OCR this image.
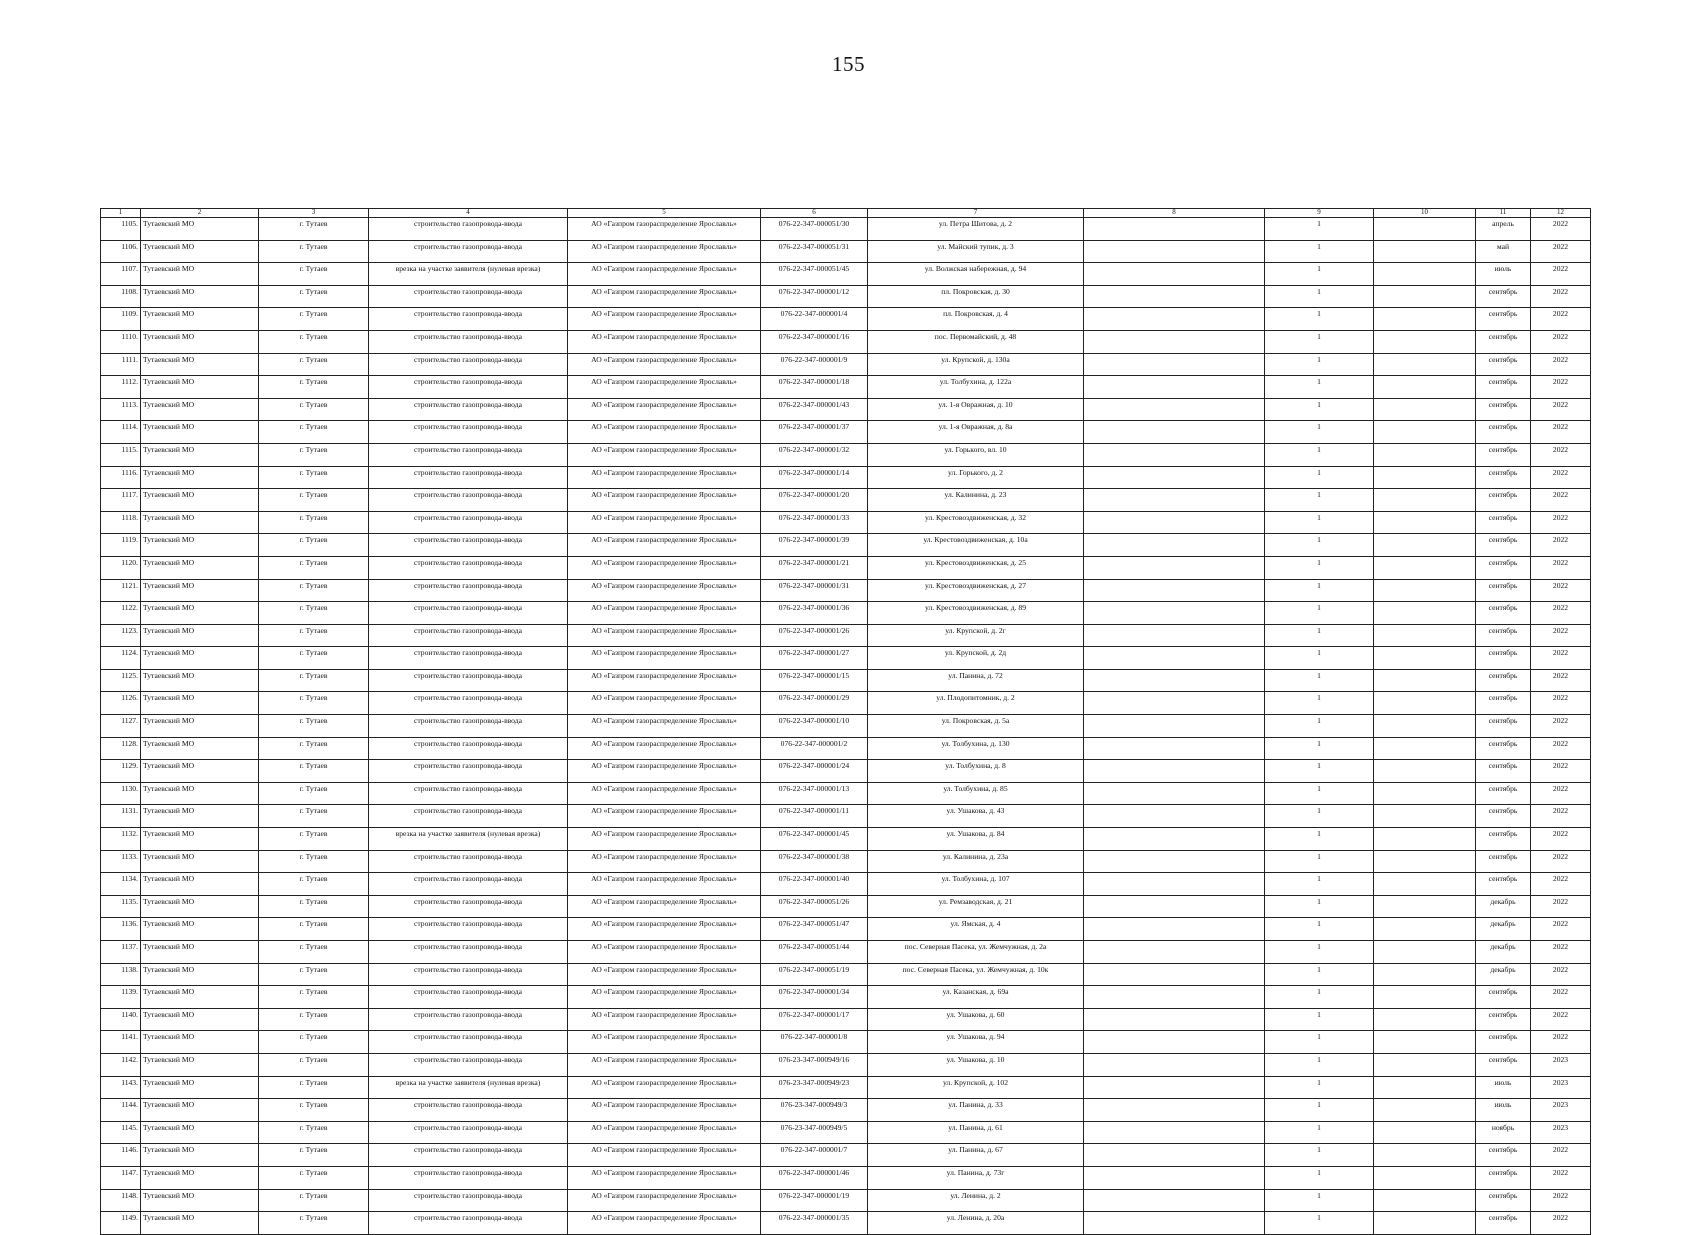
155
1	2	3	4	5	6	7	8	9	10	11	12
1105.	Тутаевский МО	г. Тутаев	строительство газопровода-ввода	АО «Газпром газораспределение Ярославль»	076-22-347-000051/30	ул. Петра Шитова, д. 2		1		апрель	2022
1106.	Тутаевский МО	г. Тутаев	строительство газопровода-ввода	АО «Газпром газораспределение Ярославль»	076-22-347-000051/31	ул. Майский тупик, д. 3		1		май	2022
1107.	Тутаевский МО	г. Тутаев	врезка на участке заявителя (нулевая врезка)	АО «Газпром газораспределение Ярославль»	076-22-347-000051/45	ул. Волжская набережная, д. 94		1		июль	2022
1108.	Тутаевский МО	г. Тутаев	строительство газопровода-ввода	АО «Газпром газораспределение Ярославль»	076-22-347-000001/12	пл. Покровская, д. 30		1		сентябрь	2022
1109.	Тутаевский МО	г. Тутаев	строительство газопровода-ввода	АО «Газпром газораспределение Ярославль»	076-22-347-000001/4	пл. Покровская, д. 4		1		сентябрь	2022
1110.	Тутаевский МО	г. Тутаев	строительство газопровода-ввода	АО «Газпром газораспределение Ярославль»	076-22-347-000001/16	пос. Первомайский, д. 48		1		сентябрь	2022
1111.	Тутаевский МО	г. Тутаев	строительство газопровода-ввода	АО «Газпром газораспределение Ярославль»	076-22-347-000001/9	ул. Крупской, д. 130а		1		сентябрь	2022
1112.	Тутаевский МО	г. Тутаев	строительство газопровода-ввода	АО «Газпром газораспределение Ярославль»	076-22-347-000001/18	ул. Толбухина, д. 122а		1		сентябрь	2022
1113.	Тутаевский МО	г. Тутаев	строительство газопровода-ввода	АО «Газпром газораспределение Ярославль»	076-22-347-000001/43	ул. 1-я Овражная, д. 10		1		сентябрь	2022
1114.	Тутаевский МО	г. Тутаев	строительство газопровода-ввода	АО «Газпром газораспределение Ярославль»	076-22-347-000001/37	ул. 1-я Овражная, д. 8а		1		сентябрь	2022
1115.	Тутаевский МО	г. Тутаев	строительство газопровода-ввода	АО «Газпром газораспределение Ярославль»	076-22-347-000001/32	ул. Горького, вл. 10		1		сентябрь	2022
1116.	Тутаевский МО	г. Тутаев	строительство газопровода-ввода	АО «Газпром газораспределение Ярославль»	076-22-347-000001/14	ул. Горького, д. 2		1		сентябрь	2022
1117.	Тутаевский МО	г. Тутаев	строительство газопровода-ввода	АО «Газпром газораспределение Ярославль»	076-22-347-000001/20	ул. Калинина, д. 23		1		сентябрь	2022
1118.	Тутаевский МО	г. Тутаев	строительство газопровода-ввода	АО «Газпром газораспределение Ярославль»	076-22-347-000001/33	ул. Крестовоздвиженская, д. 32		1		сентябрь	2022
1119.	Тутаевский МО	г. Тутаев	строительство газопровода-ввода	АО «Газпром газораспределение Ярославль»	076-22-347-000001/39	ул. Крестовоздвиженская, д. 10а		1		сентябрь	2022
1120.	Тутаевский МО	г. Тутаев	строительство газопровода-ввода	АО «Газпром газораспределение Ярославль»	076-22-347-000001/21	ул. Крестовоздвиженская, д. 25		1		сентябрь	2022
1121.	Тутаевский МО	г. Тутаев	строительство газопровода-ввода	АО «Газпром газораспределение Ярославль»	076-22-347-000001/31	ул. Крестовоздвиженская, д. 27		1		сентябрь	2022
1122.	Тутаевский МО	г. Тутаев	строительство газопровода-ввода	АО «Газпром газораспределение Ярославль»	076-22-347-000001/36	ул. Крестовоздвиженская, д. 89		1		сентябрь	2022
1123.	Тутаевский МО	г. Тутаев	строительство газопровода-ввода	АО «Газпром газораспределение Ярославль»	076-22-347-000001/26	ул. Крупской, д. 2г		1		сентябрь	2022
1124.	Тутаевский МО	г. Тутаев	строительство газопровода-ввода	АО «Газпром газораспределение Ярославль»	076-22-347-000001/27	ул. Крупской, д. 2д		1		сентябрь	2022
1125.	Тутаевский МО	г. Тутаев	строительство газопровода-ввода	АО «Газпром газораспределение Ярославль»	076-22-347-000001/15	ул. Панина, д. 72		1		сентябрь	2022
1126.	Тутаевский МО	г. Тутаев	строительство газопровода-ввода	АО «Газпром газораспределение Ярославль»	076-22-347-000001/29	ул. Плодопитомник, д. 2		1		сентябрь	2022
1127.	Тутаевский МО	г. Тутаев	строительство газопровода-ввода	АО «Газпром газораспределение Ярославль»	076-22-347-000001/10	ул. Покровская, д. 5а		1		сентябрь	2022
1128.	Тутаевский МО	г. Тутаев	строительство газопровода-ввода	АО «Газпром газораспределение Ярославль»	076-22-347-000001/2	ул. Толбухина, д. 130		1		сентябрь	2022
1129.	Тутаевский МО	г. Тутаев	строительство газопровода-ввода	АО «Газпром газораспределение Ярославль»	076-22-347-000001/24	ул. Толбухина, д. 8		1		сентябрь	2022
1130.	Тутаевский МО	г. Тутаев	строительство газопровода-ввода	АО «Газпром газораспределение Ярославль»	076-22-347-000001/13	ул. Толбухина, д. 85		1		сентябрь	2022
1131.	Тутаевский МО	г. Тутаев	строительство газопровода-ввода	АО «Газпром газораспределение Ярославль»	076-22-347-000001/11	ул. Ушакова, д. 43		1		сентябрь	2022
1132.	Тутаевский МО	г. Тутаев	врезка на участке заявителя (нулевая врезка)	АО «Газпром газораспределение Ярославль»	076-22-347-000001/45	ул. Ушакова, д. 84		1		сентябрь	2022
1133.	Тутаевский МО	г. Тутаев	строительство газопровода-ввода	АО «Газпром газораспределение Ярославль»	076-22-347-000001/38	ул. Калинина, д. 23а		1		сентябрь	2022
1134.	Тутаевский МО	г. Тутаев	строительство газопровода-ввода	АО «Газпром газораспределение Ярославль»	076-22-347-000001/40	ул. Толбухина, д. 107		1		сентябрь	2022
1135.	Тутаевский МО	г. Тутаев	строительство газопровода-ввода	АО «Газпром газораспределение Ярославль»	076-22-347-000051/26	ул. Ремзаводская, д. 21		1		декабрь	2022
1136.	Тутаевский МО	г. Тутаев	строительство газопровода-ввода	АО «Газпром газораспределение Ярославль»	076-22-347-000051/47	ул. Ямская, д. 4		1		декабрь	2022
1137.	Тутаевский МО	г. Тутаев	строительство газопровода-ввода	АО «Газпром газораспределение Ярославль»	076-22-347-000051/44	пос. Северная Пасека, ул. Жемчужная, д. 2а		1		декабрь	2022
1138.	Тутаевский МО	г. Тутаев	строительство газопровода-ввода	АО «Газпром газораспределение Ярославль»	076-22-347-000051/19	пос. Северная Пасека, ул. Жемчужная, д. 10к		1		декабрь	2022
1139.	Тутаевский МО	г. Тутаев	строительство газопровода-ввода	АО «Газпром газораспределение Ярославль»	076-22-347-000001/34	ул. Казанская, д. 69а		1		сентябрь	2022
1140.	Тутаевский МО	г. Тутаев	строительство газопровода-ввода	АО «Газпром газораспределение Ярославль»	076-22-347-000001/17	ул. Ушакова, д. 60		1		сентябрь	2022
1141.	Тутаевский МО	г. Тутаев	строительство газопровода-ввода	АО «Газпром газораспределение Ярославль»	076-22-347-000001/8	ул. Ушакова, д. 94		1		сентябрь	2022
1142.	Тутаевский МО	г. Тутаев	строительство газопровода-ввода	АО «Газпром газораспределение Ярославль»	076-23-347-000949/16	ул. Ушакова, д. 10		1		сентябрь	2023
1143.	Тутаевский МО	г. Тутаев	врезка на участке заявителя (нулевая врезка)	АО «Газпром газораспределение Ярославль»	076-23-347-000949/23	ул. Крупской, д. 102		1		июль	2023
1144.	Тутаевский МО	г. Тутаев	строительство газопровода-ввода	АО «Газпром газораспределение Ярославль»	076-23-347-000949/3	ул. Панина, д. 33		1		июль	2023
1145.	Тутаевский МО	г. Тутаев	строительство газопровода-ввода	АО «Газпром газораспределение Ярославль»	076-23-347-000949/5	ул. Панина, д. 61		1		ноябрь	2023
1146.	Тутаевский МО	г. Тутаев	строительство газопровода-ввода	АО «Газпром газораспределение Ярославль»	076-22-347-000001/7	ул. Панина, д. 67		1		сентябрь	2022
1147.	Тутаевский МО	г. Тутаев	строительство газопровода-ввода	АО «Газпром газораспределение Ярославль»	076-22-347-000001/46	ул. Панина, д. 73г		1		сентябрь	2022
1148.	Тутаевский МО	г. Тутаев	строительство газопровода-ввода	АО «Газпром газораспределение Ярославль»	076-22-347-000001/19	ул. Ленина, д. 2		1		сентябрь	2022
1149.	Тутаевский МО	г. Тутаев	строительство газопровода-ввода	АО «Газпром газораспределение Ярославль»	076-22-347-000001/35	ул. Ленина, д. 20а		1		сентябрь	2022
